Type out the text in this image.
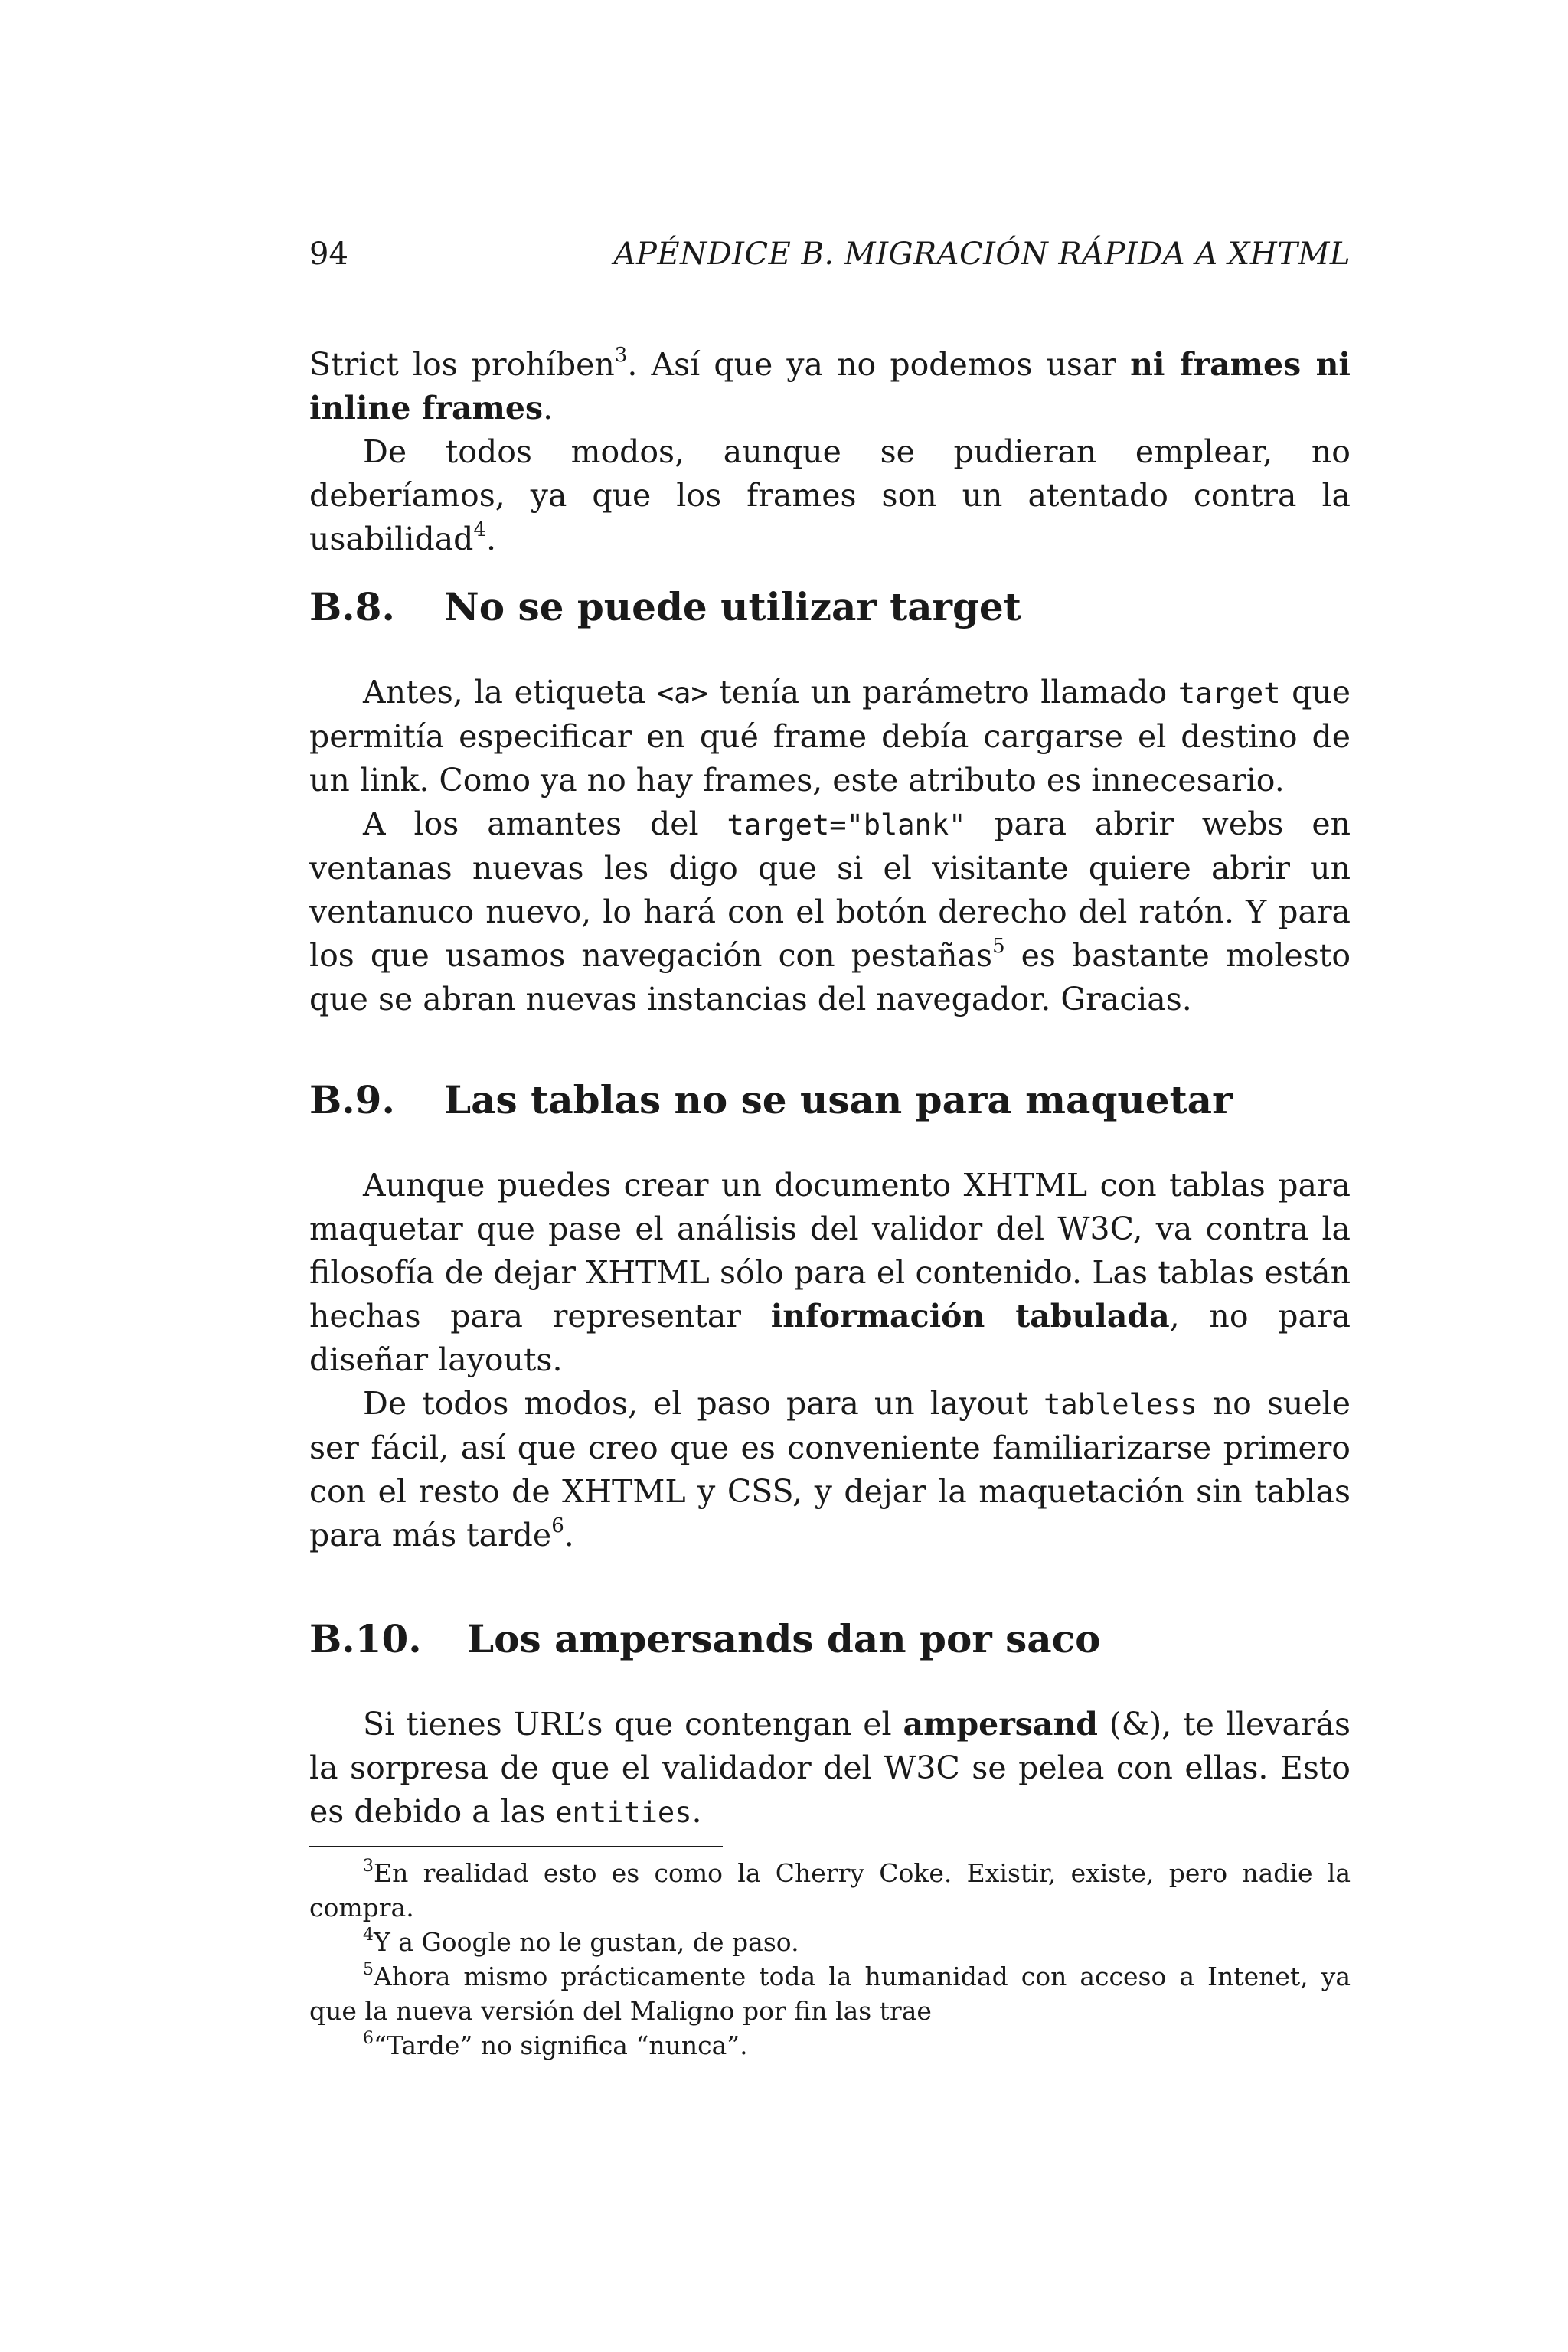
94	APÉNDICE B. MIGRACIÓN RÁPIDA A XHTML

Strict los prohíben$^3$. Así que ya no podemos usar ni frames ni inline frames.

De todos modos, aunque se pudieran emplear, no deberíamos, ya que los frames son un atentado contra la usabilidad$^4$.

B.8. No se puede utilizar target

Antes, la etiqueta <a> tenía un parámetro llamado target que permitía especificar en qué frame debía cargarse el destino de un link. Como ya no hay frames, este atributo es innecesario.

A los amantes del target="blank" para abrir webs en ventanas nuevas les digo que si el visitante quiere abrir un ventanuco nuevo, lo hará con el botón derecho del ratón. Y para los que usamos navegación con pestañas$^5$ es bastante molesto que se abran nuevas instancias del navegador. Gracias.

B.9. Las tablas no se usan para maquetar

Aunque puedes crear un documento XHTML con tablas para maquetar que pase el análisis del validor del W3C, va contra la filosofía de dejar XHTML sólo para el contenido. Las tablas están hechas para representar información tabulada, no para diseñar layouts.

De todos modos, el paso para un layout tableless no suele ser fácil, así que creo que es conveniente familiarizarse primero con el resto de XHTML y CSS, y dejar la maquetación sin tablas para más tarde$^6$.

B.10. Los ampersands dan por saco

Si tienes URL’s que contengan el ampersand (&), te llevarás la sorpresa de que el validador del W3C se pelea con ellas. Esto es debido a las entities.

$^3$En realidad esto es como la Cherry Coke. Existir, existe, pero nadie la compra.

$^4$Y a Google no le gustan, de paso.

$^5$Ahora mismo prácticamente toda la humanidad con acceso a Intenet, ya que la nueva versión del Maligno por fin las trae

$^6$“Tarde” no significa “nunca”.
